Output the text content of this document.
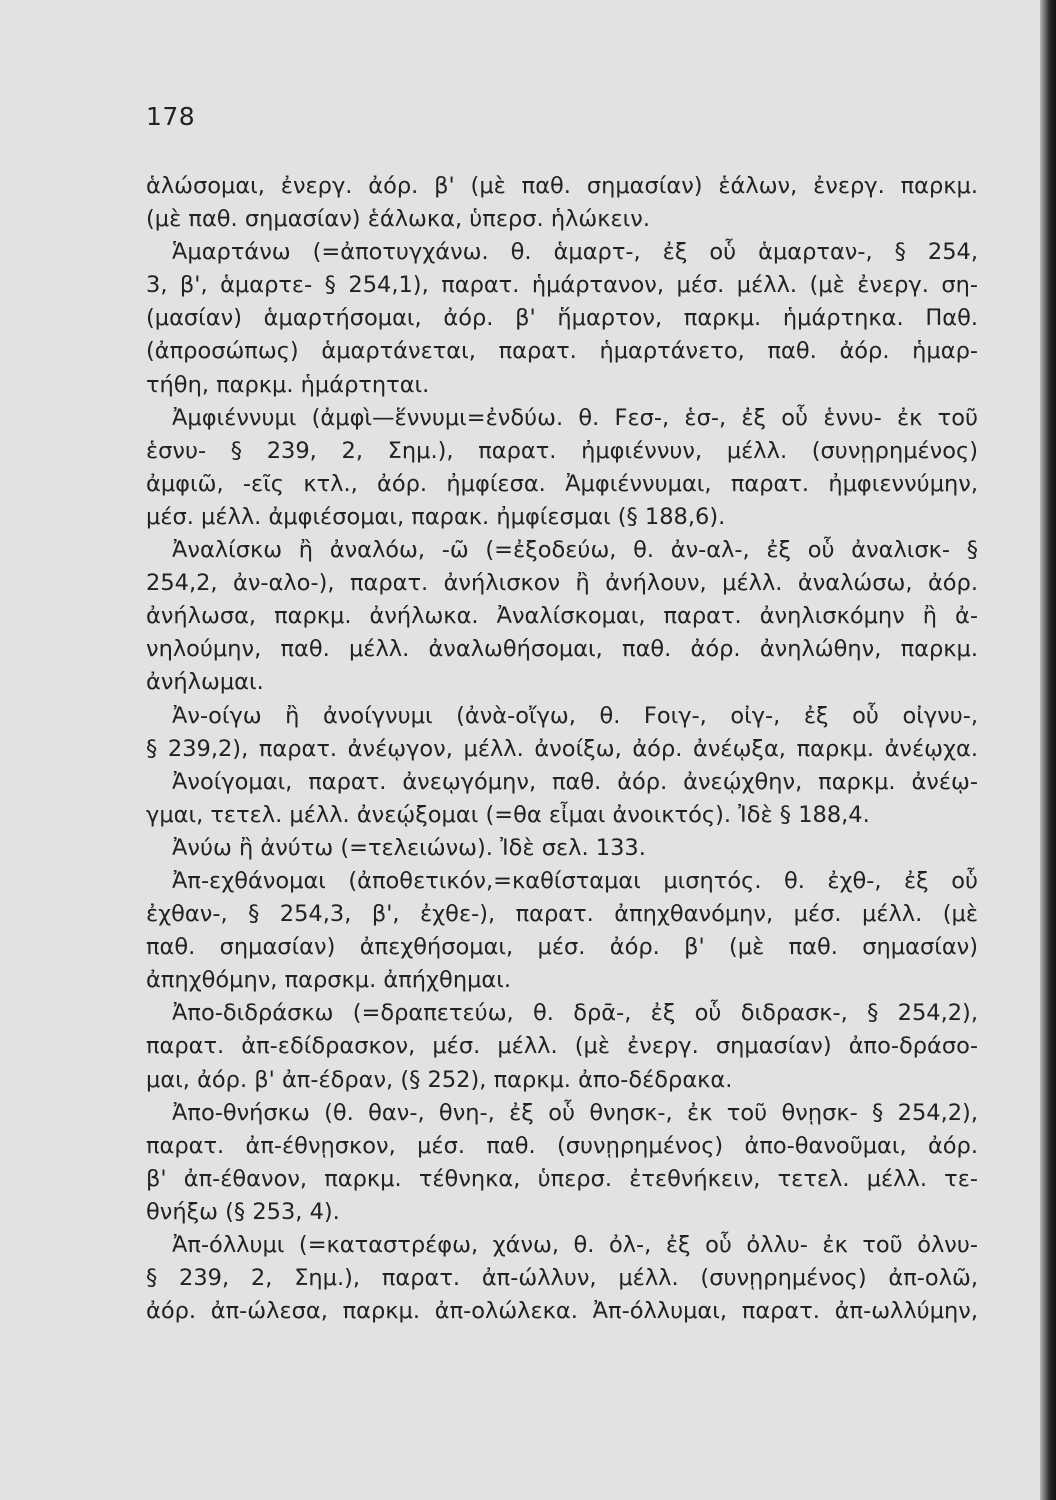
178
ἁλώσομαι, ἐνεργ. ἀόρ. β' (μὲ παθ. σημασίαν) ἑάλων, ἐνεργ. παρκμ.
(μὲ παθ. σημασίαν) ἑάλωκα, ὑπερσ. ἡλώκειν.
Ἁμαρτάνω (=ἀποτυγχάνω. θ. ἁμαρτ-, ἐξ οὗ ἁμαρταν-, § 254,
3, β', ἁμαρτε- § 254,1), παρατ. ἡμάρτανον, μέσ. μέλλ. (μὲ ἐνεργ. ση-
(μασίαν) ἁμαρτήσομαι, ἀόρ. β' ἥμαρτον, παρκμ. ἡμάρτηκα. Παθ.
(ἀπροσώπως) ἁμαρτάνεται, παρατ. ἡμαρτάνετο, παθ. ἀόρ. ἡμαρ-
τήθη, παρκμ. ἡμάρτηται.
Ἀμφιέννυμι (ἀμφὶ—ἕννυμι=ἐνδύω. θ. Fεσ-, ἑσ-, ἐξ οὗ ἑννυ- ἐκ τοῦ
ἑσνυ- § 239, 2, Σημ.), παρατ. ἠμφιέννυν, μέλλ. (συνῃρημένος)
ἀμφιῶ, -εῖς κτλ., ἀόρ. ἠμφίεσα. Ἀμφιέννυμαι, παρατ. ἠμφιεννύμην,
μέσ. μέλλ. ἀμφιέσομαι, παρακ. ἠμφίεσμαι (§ 188,6).
Ἀναλίσκω ἢ ἀναλόω, -ῶ (=ἐξοδεύω, θ. ἀν-αλ-, ἐξ οὗ ἀναλισκ- §
254,2, ἀν-αλο-), παρατ. ἀνήλισκον ἢ ἀνήλουν, μέλλ. ἀναλώσω, ἀόρ.
ἀνήλωσα, παρκμ. ἀνήλωκα. Ἀναλίσκομαι, παρατ. ἀνηλισκόμην ἢ ἀ-
νηλούμην, παθ. μέλλ. ἀναλωθήσομαι, παθ. ἀόρ. ἀνηλώθην, παρκμ.
ἀνήλωμαι.
Ἀν-οίγω ἢ ἀνοίγνυμι (ἀνὰ-οἴγω, θ. Fοιγ-, οἰγ-, ἐξ οὗ οἰγνυ-,
§ 239,2), παρατ. ἀνέῳγον, μέλλ. ἀνοίξω, ἀόρ. ἀνέῳξα, παρκμ. ἀνέῳχα.
Ἀνοίγομαι, παρατ. ἀνεῳγόμην, παθ. ἀόρ. ἀνεῴχθην, παρκμ. ἀνέῳ-
γμαι, τετελ. μέλλ. ἀνεῴξομαι (=θα εἶμαι ἀνοικτός). Ἰδὲ § 188,4.
Ἀνύω ἢ ἀνύτω (=τελειώνω). Ἰδὲ σελ. 133.
Ἀπ-εχθάνομαι (ἀποθετικόν,=καθίσταμαι μισητός. θ. ἐχθ-, ἐξ οὗ
ἐχθαν-, § 254,3, β', ἐχθε-), παρατ. ἀπηχθανόμην, μέσ. μέλλ. (μὲ
παθ. σημασίαν) ἀπεχθήσομαι, μέσ. ἀόρ. β' (μὲ παθ. σημασίαν)
ἀπηχθόμην, παρσκμ. ἀπήχθημαι.
Ἀπο-διδράσκω (=δραπετεύω, θ. δρᾱ-, ἐξ οὗ διδρασκ-, § 254,2),
παρατ. ἀπ-εδίδρασκον, μέσ. μέλλ. (μὲ ἐνεργ. σημασίαν) ἀπο-δράσο-
μαι, ἀόρ. β' ἀπ-έδραν, (§ 252), παρκμ. ἀπο-δέδρακα.
Ἀπο-θνήσκω (θ. θαν-, θνη-, ἐξ οὗ θνησκ-, ἐκ τοῦ θνῃσκ- § 254,2),
παρατ. ἀπ-έθνῃσκον, μέσ. παθ. (συνῃρημένος) ἀπο-θανοῦμαι, ἀόρ.
β' ἀπ-έθανον, παρκμ. τέθνηκα, ὑπερσ. ἐτεθνήκειν, τετελ. μέλλ. τε-
θνήξω (§ 253, 4).
Ἀπ-όλλυμι (=καταστρέφω, χάνω, θ. ὀλ-, ἐξ οὗ ὀλλυ- ἐκ τοῦ ὀλνυ-
§ 239, 2, Σημ.), παρατ. ἀπ-ώλλυν, μέλλ. (συνῃρημένος) ἀπ-ολῶ,
ἀόρ. ἀπ-ώλεσα, παρκμ. ἀπ-ολώλεκα. Ἀπ-όλλυμαι, παρατ. ἀπ-ωλλύμην,
